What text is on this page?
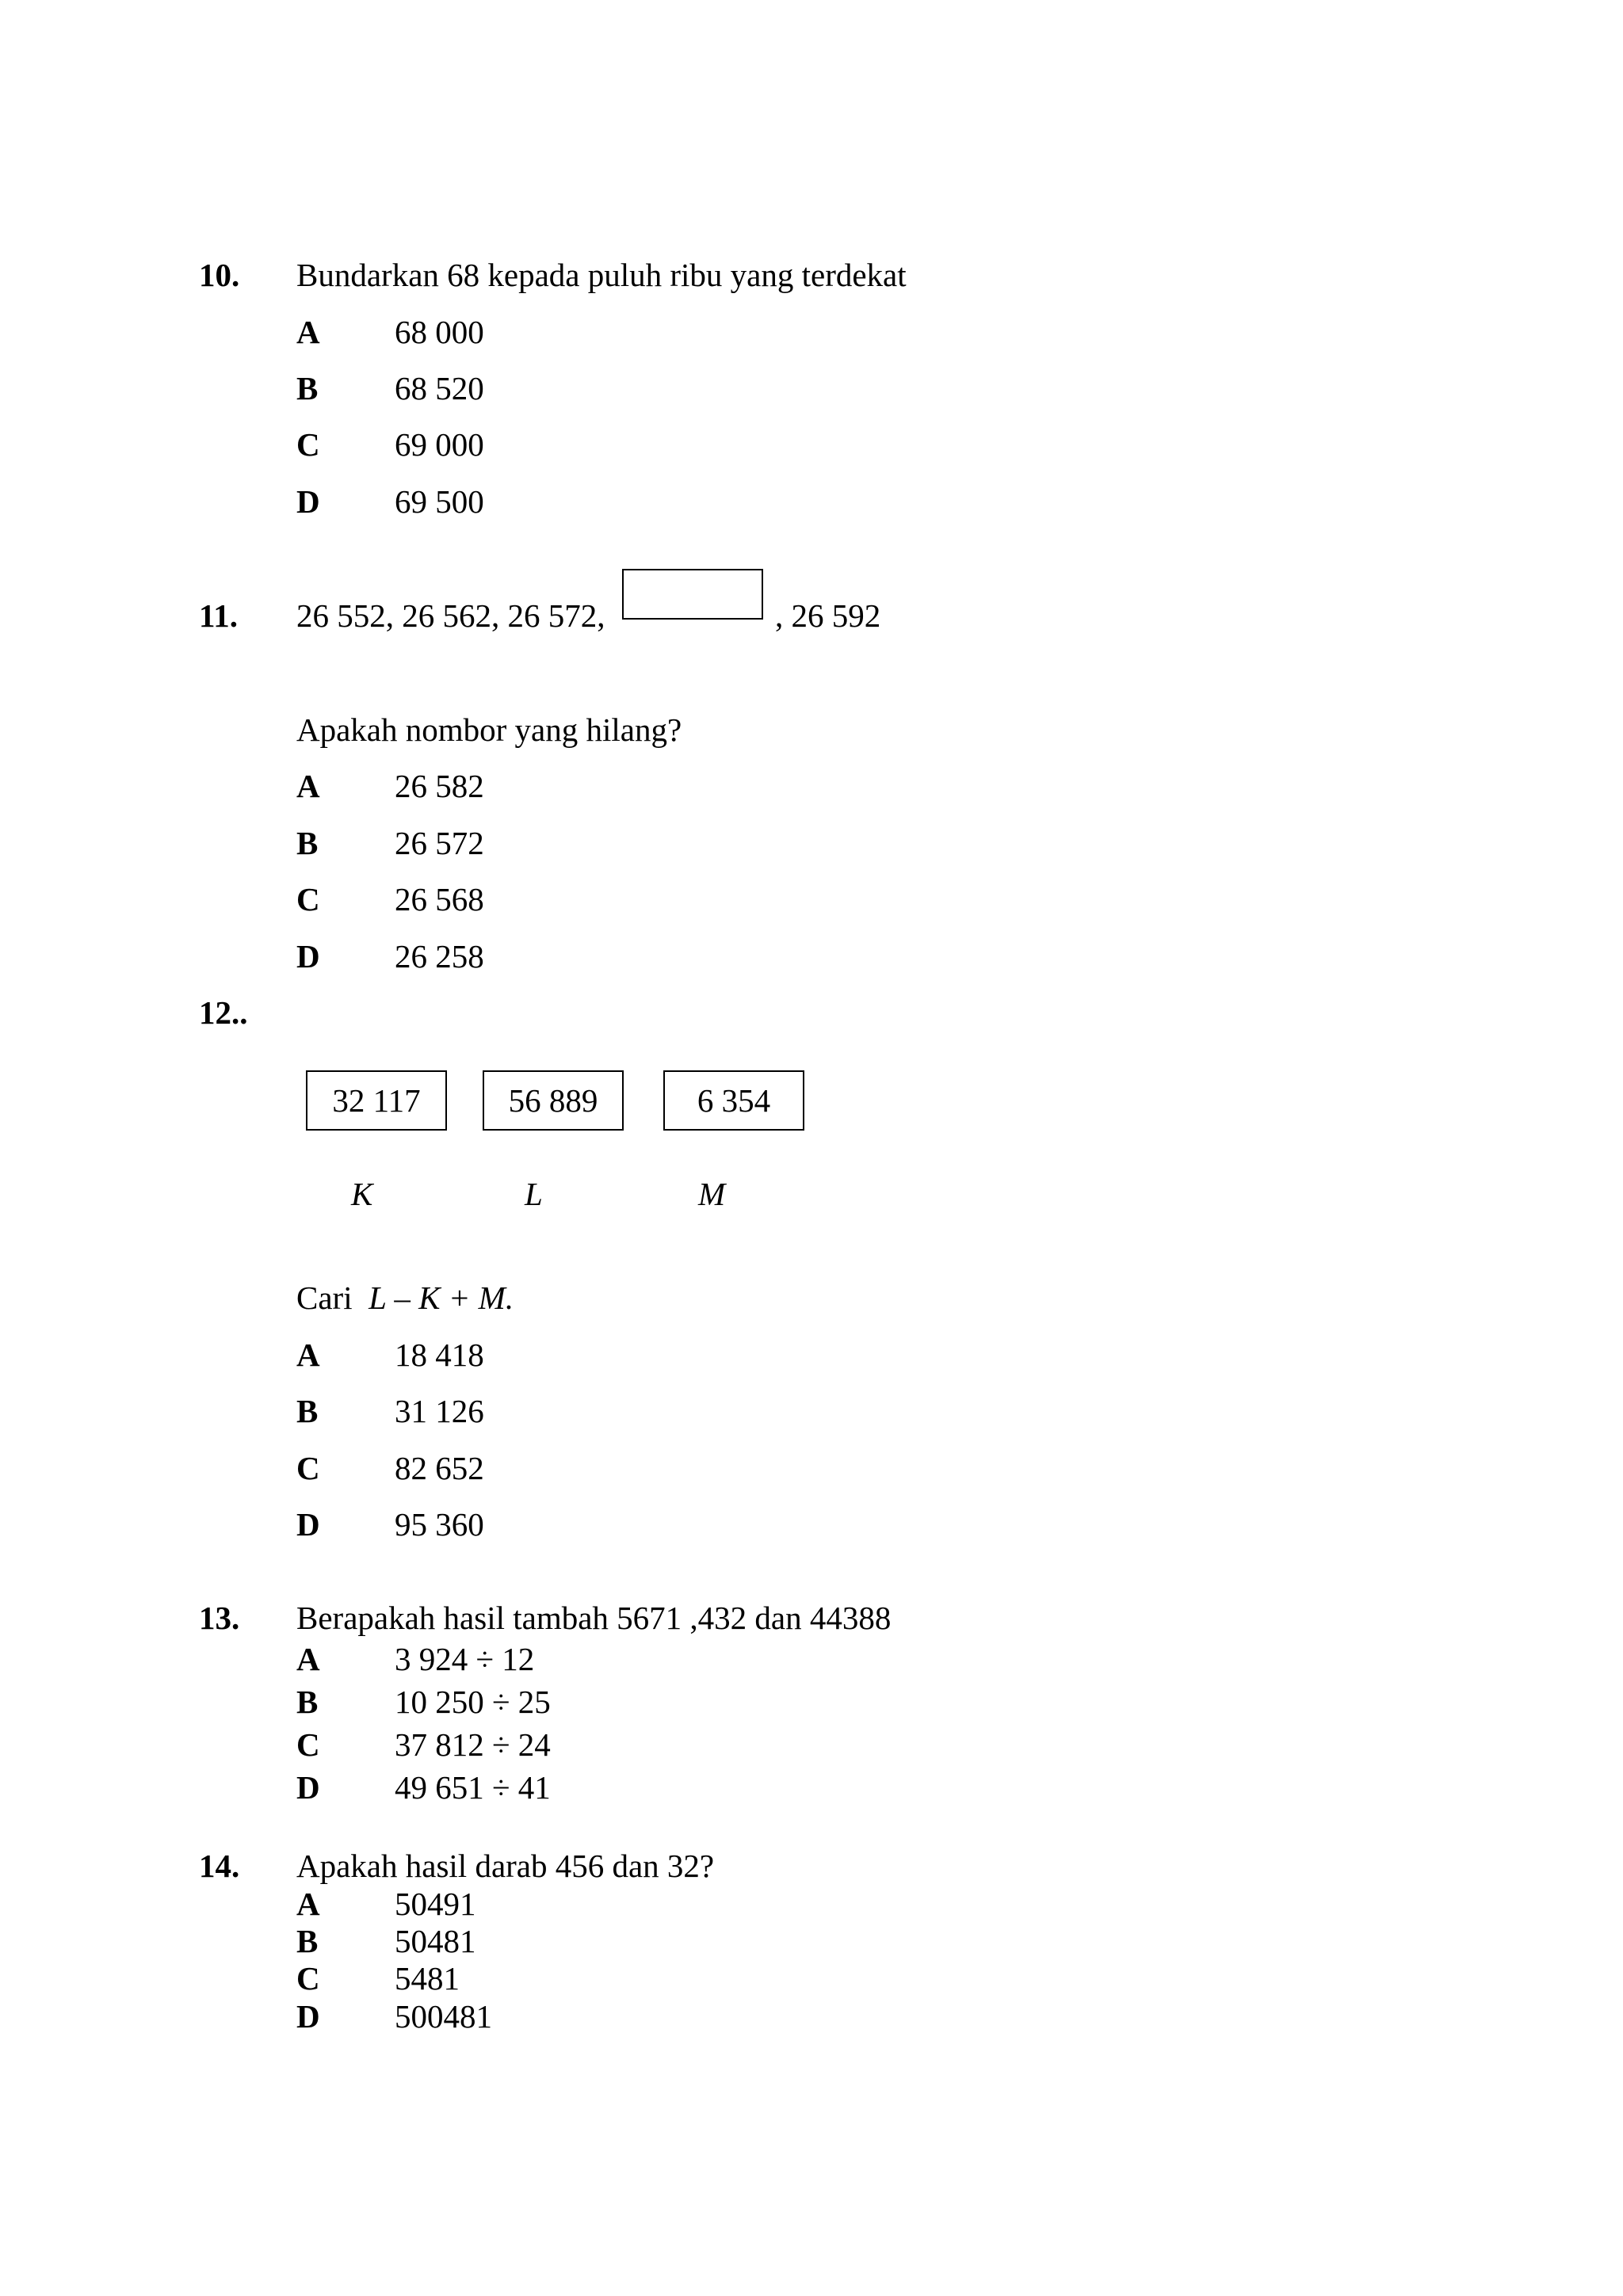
10. Bundarkan 68 kepada puluh ribu yang terdekat
A 68 000
B 68 520
C 69 000
D 69 500
11. 26 552, 26 562, 26 572,	, 26 592
Apakah nombor yang hilang?
A 26 582
B 26 572
C 26 568
D 26 258
12..
32 117	56 889	6 354
K	L	M
Cari L – K + M.
A 18 418
B 31 126
C 82 652
D 95 360
13. Berapakah hasil tambah 5671 ,432 dan 44388
A 3 924 ÷ 12
B 10 250 ÷ 25
C 37 812 ÷ 24
D 49 651 ÷ 41
14. Apakah hasil darab 456 dan 32?
A 50491
B 50481
C 5481
D 500481
